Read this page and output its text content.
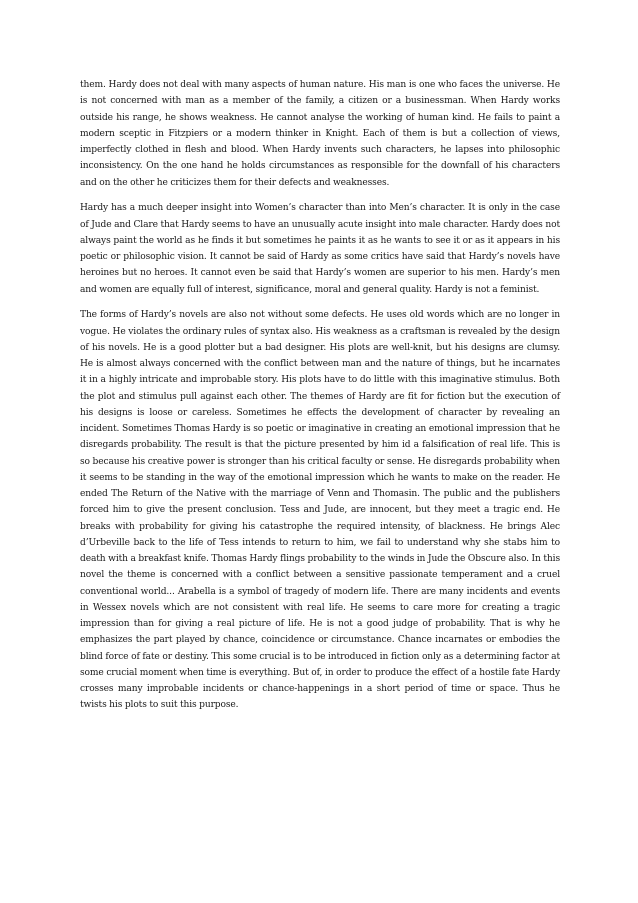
them. Hardy does not deal with many aspects of human nature. His man is one who faces the universe. He is not concerned with man as a member of the family, a citizen or a businessman. When Hardy works outside his range, he shows weakness. He cannot analyse the working of human kind. He fails to paint a modern sceptic in Fitzpiers or a modern thinker in Knight. Each of them is but a collection of views, imperfectly clothed in flesh and blood. When Hardy invents such characters, he lapses into philosophic inconsistency. On the one hand he holds circumstances as responsible for the downfall of his characters and on the other he criticizes them for their defects and weaknesses.

Hardy has a much deeper insight into Women’s character than into Men’s character. It is only in the case of Jude and Clare that Hardy seems to have an unusually acute insight into male character. Hardy does not always paint the world as he finds it but sometimes he paints it as he wants to see it or as it appears in his poetic or philosophic vision. It cannot be said of Hardy as some critics have said that Hardy’s novels have heroines but no heroes. It cannot even be said that Hardy’s women are superior to his men. Hardy’s men and women are equally full of interest, significance, moral and general quality. Hardy is not a feminist.

The forms of Hardy’s novels are also not without some defects. He uses old words which are no longer in vogue. He violates the ordinary rules of syntax also. His weakness as a craftsman is revealed by the design of his novels. He is a good plotter but a bad designer. His plots are well-knit, but his designs are clumsy. He is almost always concerned with the conflict between man and the nature of things, but he incarnates it in a highly intricate and improbable story. His plots have to do little with this imaginative stimulus. Both the plot and stimulus pull against each other. The themes of Hardy are fit for fiction but the execution of his designs is loose or careless. Sometimes he effects the development of character by revealing an incident. Sometimes Thomas Hardy is so poetic or imaginative in creating an emotional impression that he disregards probability. The result is that the picture presented by him id a falsification of real life. This is so because his creative power is stronger than his critical faculty or sense. He disregards probability when it seems to be standing in the way of the emotional impression which he wants to make on the reader. He ended The Return of the Native with the marriage of Venn and Thomasin. The public and the publishers forced him to give the present conclusion. Tess and Jude, are innocent, but they meet a tragic end. He breaks with probability for giving his catastrophe the required intensity, of blackness. He brings Alec d’Urbeville back to the life of Tess intends to return to him, we fail to understand why she stabs him to death with a breakfast knife. Thomas Hardy flings probability to the winds in Jude the Obscure also. In this novel the theme is concerned with a conflict between a sensitive passionate temperament and a cruel conventional world... Arabella is a symbol of tragedy of modern life. There are many incidents and events in Wessex novels which are not consistent with real life. He seems to care more for creating a tragic impression than for giving a real picture of life. He is not a good judge of probability. That is why he emphasizes the part played by chance, coincidence or circumstance. Chance incarnates or embodies the blind force of fate or destiny. This some crucial is to be introduced in fiction only as a determining factor at some crucial moment when time is everything. But of, in order to produce the effect of a hostile fate Hardy crosses many improbable incidents or chance-happenings in a short period of time or space. Thus he twists his plots to suit this purpose.
